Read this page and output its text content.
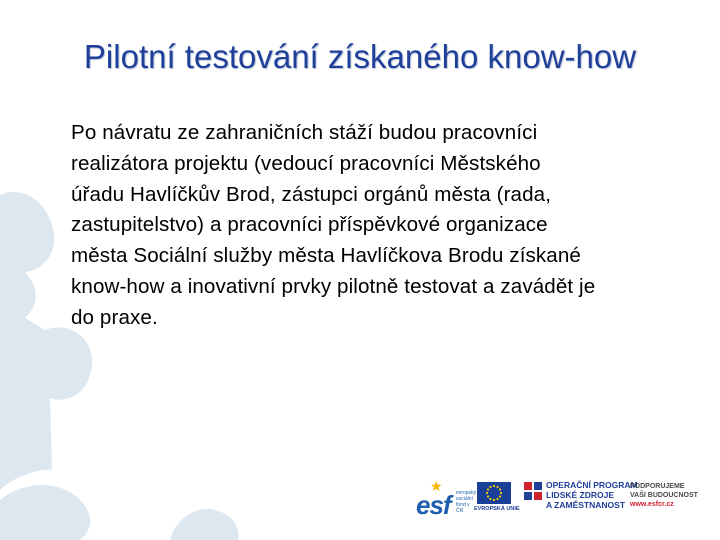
Pilotní testování získaného know-how
Po návratu ze zahraničních stáží budou pracovníci
realizátora projektu (vedoucí pracovníci Městského
úřadu Havlíčkův Brod, zástupci orgánů města (rada,
zastupitelstvo) a pracovníci příspěvkové organizace
města Sociální služby města Havlíčkova Brodu získané
know-how a inovativní prvky pilotně testovat a zavádět je
do praxe.
★
esf evropský
sociální
fond v ČR	EVROPSKÁ UNIE
OPERAČNÍ PROGRAM
LIDSKÉ ZDROJE
A ZAMĚSTNANOST
PODPORUJEME
VAŠI BUDOUCNOST
www.esfcr.cz
